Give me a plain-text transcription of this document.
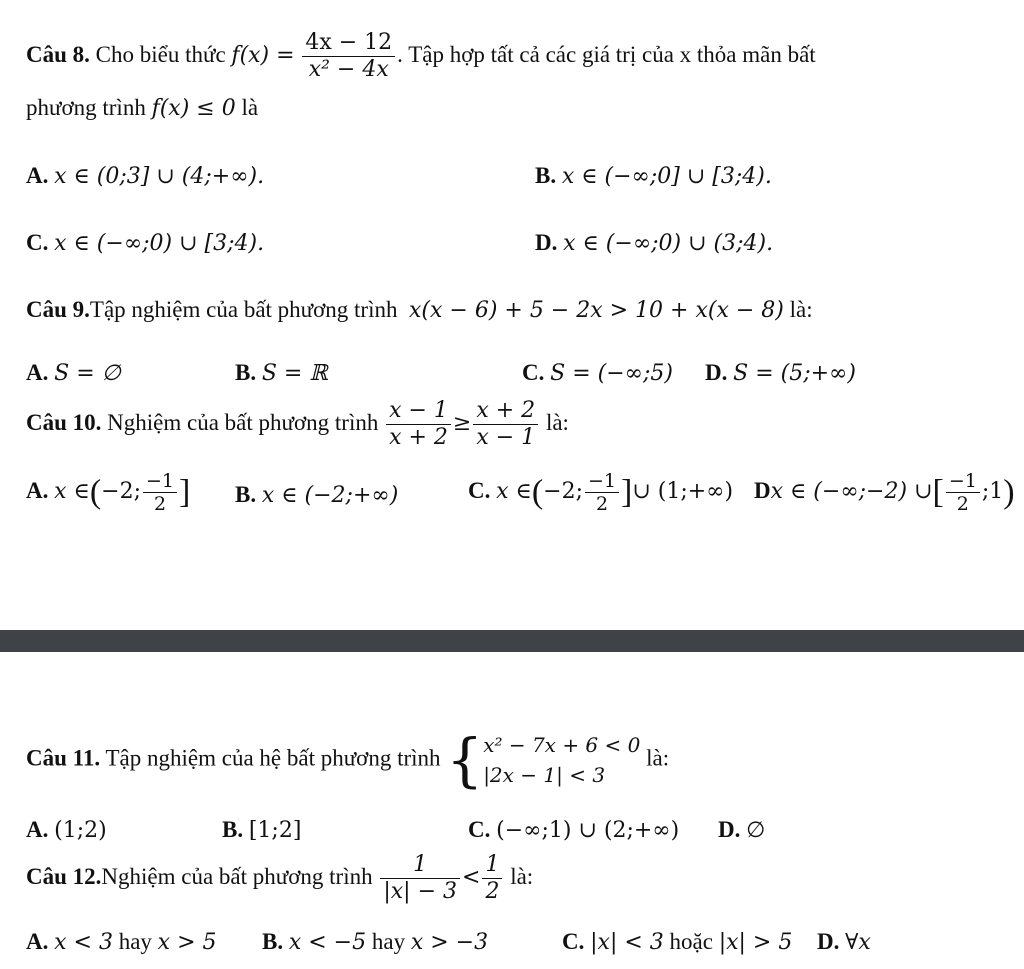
Câu 8. Cho biểu thức $f(x) = \frac{4x - 12}{\text{x² − 4x}}$ . Tập hợp tất cả các giá trị của x thỏa mãn bất
phương trình f(x) ≤ 0 là
A. x ∈ (0;3] ∪ (4;+∞).	B. x ∈ (−∞;0] ∪ [3;4).
C. x ∈ (−∞;0) ∪ [3;4).	D. x ∈ (−∞;0) ∪ (3;4).
Câu 9.Tập nghiệm của bất phương trình x(x − 6) + 5 − 2x > 10 + x(x − 8) là:
A. S = ∅	B. S = ℝ	C. S = (−∞;5) D. S = (5;+∞)
Câu 10. Nghiệm của bất phương trình $\frac{x - 1}{x + 2} \ge \frac{x + 2}{x - 1}$ là:
A. x ∈(−2; $\frac{-1}{2}$ ] B. x ∈ (−2;+∞)	C. x ∈(−2; $\frac{-1}{2}$ ]∪ (1;+∞) Dx ∈ (−∞;−2) ∪[ $\frac{-1}{2}$ ;1)
Câu 11. Tập nghiệm của hệ bất phương trình { x² − 7x + 6 < 0
|2x − 1| < 3
là:
A. (1;2)	B. [1;2]	C. (−∞;1) ∪ (2;+∞) D. ∅
Câu 12.Nghiệm của bất phương trình $\frac{1}{|x| - 3} < \frac{1}{2}$ là:
A. x < 3 hay x > 5 B. x < −5 hay x > −3	C. |x| < 3 hoặc |x| > 5 D. ∀x
